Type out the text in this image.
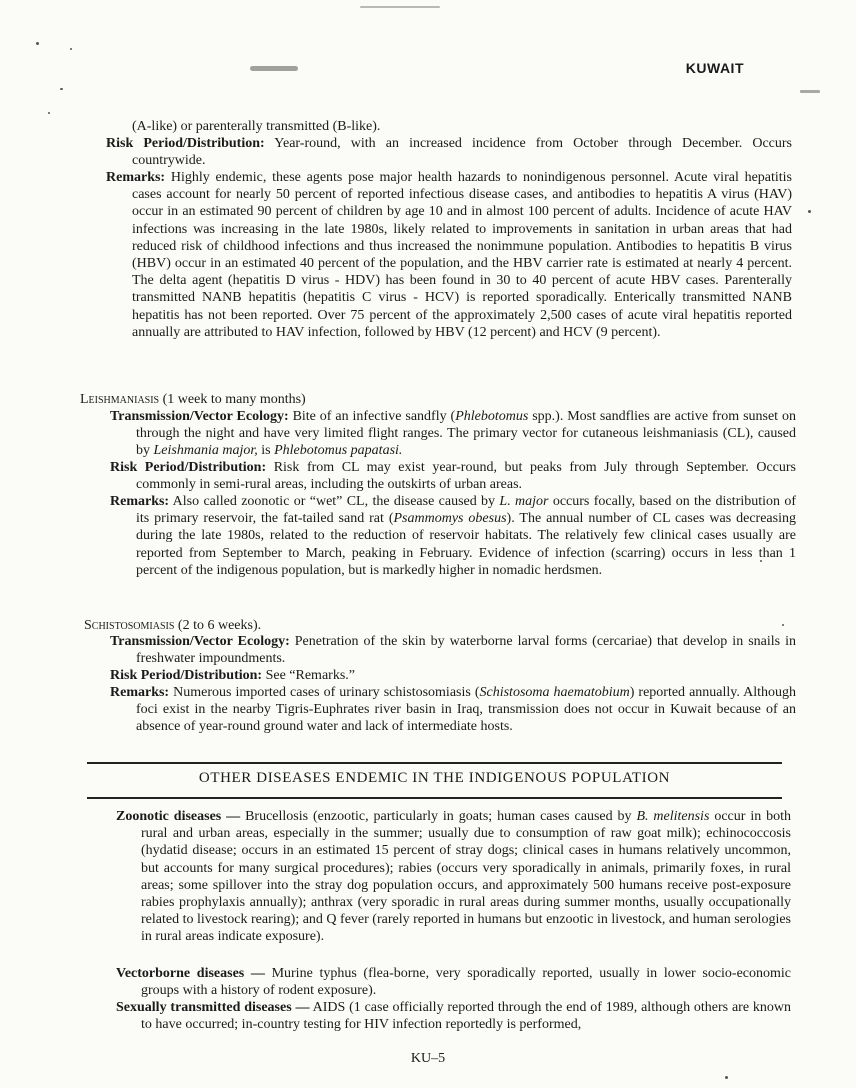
KUWAIT

(A-like) or parenterally transmitted (B-like).

Risk Period/Distribution: Year-round, with an increased incidence from October through December. Occurs countrywide.

Remarks: Highly endemic, these agents pose major health hazards to nonindigenous personnel. Acute viral hepatitis cases account for nearly 50 percent of reported infectious disease cases, and antibodies to hepatitis A virus (HAV) occur in an estimated 90 percent of children by age 10 and in almost 100 percent of adults. Incidence of acute HAV infections was increasing in the late 1980s, likely related to improvements in sanitation in urban areas that had reduced risk of childhood infections and thus increased the nonimmune population. Antibodies to hepatitis B virus (HBV) occur in an estimated 40 percent of the population, and the HBV carrier rate is estimated at nearly 4 percent. The delta agent (hepatitis D virus - HDV) has been found in 30 to 40 percent of acute HBV cases. Parenterally transmitted NANB hepatitis (hepatitis C virus - HCV) is reported sporadically. Enterically transmitted NANB hepatitis has not been reported. Over 75 percent of the approximately 2,500 cases of acute viral hepatitis reported annually are attributed to HAV infection, followed by HBV (12 percent) and HCV (9 percent).

Leishmaniasis (1 week to many months)

Transmission/Vector Ecology: Bite of an infective sandfly (Phlebotomus spp.). Most sandflies are active from sunset on through the night and have very limited flight ranges. The primary vector for cutaneous leishmaniasis (CL), caused by Leishmania major, is Phlebotomus papatasi.

Risk Period/Distribution: Risk from CL may exist year-round, but peaks from July through September. Occurs commonly in semi-rural areas, including the outskirts of urban areas.

Remarks: Also called zoonotic or “wet” CL, the disease caused by L. major occurs focally, based on the distribution of its primary reservoir, the fat-tailed sand rat (Psammomys obesus). The annual number of CL cases was decreasing during the late 1980s, related to the reduction of reservoir habitats. The relatively few clinical cases usually are reported from September to March, peaking in February. Evidence of infection (scarring) occurs in less than 1 percent of the indigenous population, but is markedly higher in nomadic herdsmen.

Schistosomiasis (2 to 6 weeks).

Transmission/Vector Ecology: Penetration of the skin by waterborne larval forms (cercariae) that develop in snails in freshwater impoundments.

Risk Period/Distribution: See “Remarks.”

Remarks: Numerous imported cases of urinary schistosomiasis (Schistosoma haematobium) reported annually. Although foci exist in the nearby Tigris-Euphrates river basin in Iraq, transmission does not occur in Kuwait because of an absence of year-round ground water and lack of intermediate hosts.

OTHER DISEASES ENDEMIC IN THE INDIGENOUS POPULATION

Zoonotic diseases — Brucellosis (enzootic, particularly in goats; human cases caused by B. melitensis occur in both rural and urban areas, especially in the summer; usually due to consumption of raw goat milk); echinococcosis (hydatid disease; occurs in an estimated 15 percent of stray dogs; clinical cases in humans relatively uncommon, but accounts for many surgical procedures); rabies (occurs very sporadically in animals, primarily foxes, in rural areas; some spillover into the stray dog population occurs, and approximately 500 humans receive post-exposure rabies prophylaxis annually); anthrax (very sporadic in rural areas during summer months, usually occupationally related to livestock rearing); and Q fever (rarely reported in humans but enzootic in livestock, and human serologies in rural areas indicate exposure).

Vectorborne diseases — Murine typhus (flea-borne, very sporadically reported, usually in lower socio-economic groups with a history of rodent exposure).

Sexually transmitted diseases — AIDS (1 case officially reported through the end of 1989, although others are known to have occurred; in-country testing for HIV infection reportedly is performed,

KU–5
